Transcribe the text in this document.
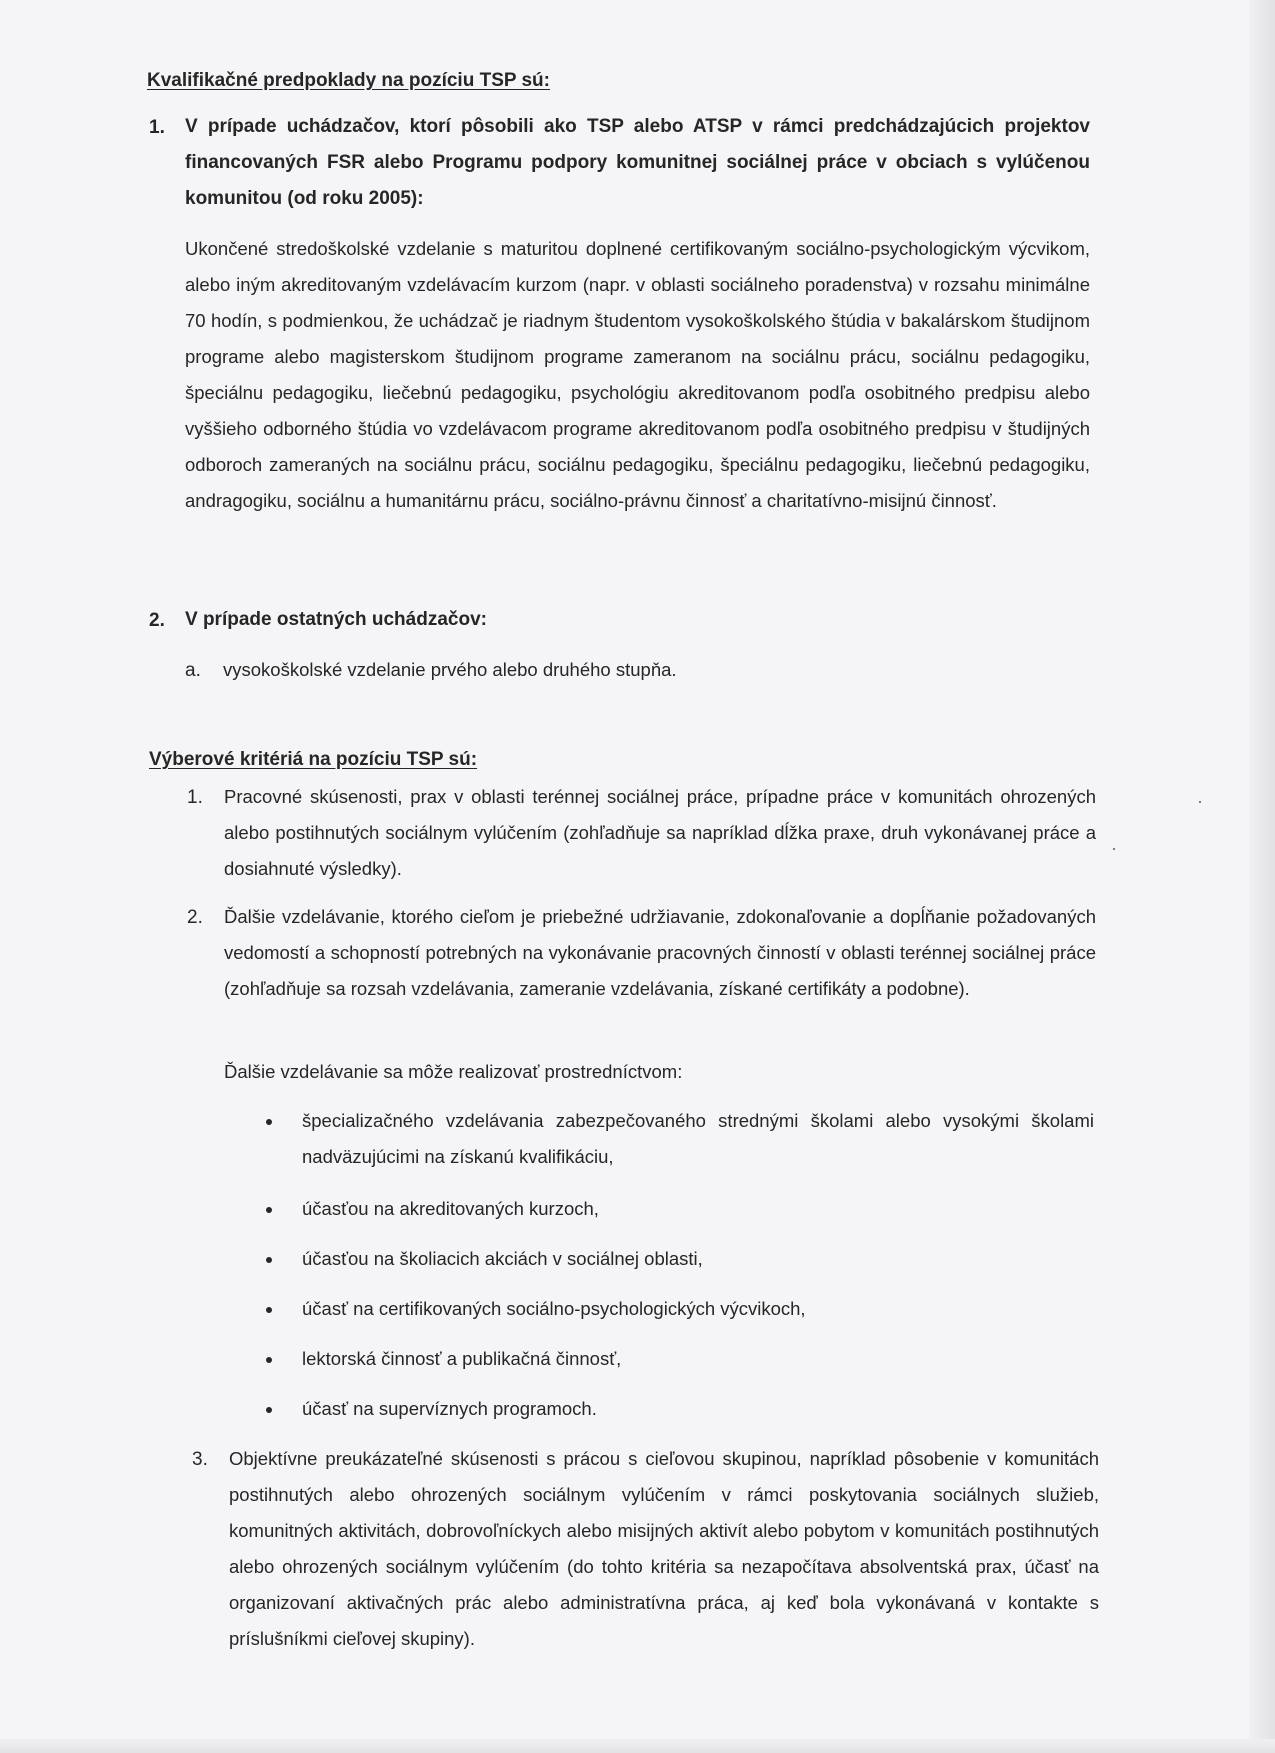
Kvalifikačné predpoklady na pozíciu TSP sú:
1. V prípade uchádzačov, ktorí pôsobili ako TSP alebo ATSP v rámci predchádzajúcich projektov financovaných FSR alebo Programu podpory komunitnej sociálnej práce v obciach s vylúčenou komunitou (od roku 2005):
Ukončené stredoškolské vzdelanie s maturitou doplnené certifikovaným sociálno-psychologickým výcvikom, alebo iným akreditovaným vzdelávacím kurzom (napr. v oblasti sociálneho poradenstva) v rozsahu minimálne 70 hodín, s podmienkou, že uchádzač je riadnym študentom vysokoškolského štúdia v bakalárskom študijnom programe alebo magisterskom študijnom programe zameranom na sociálnu prácu, sociálnu pedagogiku, špeciálnu pedagogiku, liečebnú pedagogiku, psychológiu akreditovanom podľa osobitného predpisu alebo vyššieho odborného štúdia vo vzdelávacom programe akreditovanom podľa osobitného predpisu v študijných odboroch zameraných na sociálnu prácu, sociálnu pedagogiku, špeciálnu pedagogiku, liečebnú pedagogiku, andragogiku, sociálnu a humanitárnu prácu, sociálno-právnu činnosť a charitatívno-misijnú činnosť.
2. V prípade ostatných uchádzačov:
a. vysokoškolské vzdelanie prvého alebo druhého stupňa.
Výberové kritériá na pozíciu TSP sú:
1. Pracovné skúsenosti, prax v oblasti terénnej sociálnej práce, prípadne práce v komunitách ohrozených alebo postihnutých sociálnym vylúčením (zohľadňuje sa napríklad dĺžka praxe, druh vykonávanej práce a dosiahnuté výsledky).
2. Ďalšie vzdelávanie, ktorého cieľom je priebežné udržiavanie, zdokonaľovanie a dopĺňanie požadovaných vedomostí a schopností potrebných na vykonávanie pracovných činností v oblasti terénnej sociálnej práce (zohľadňuje sa rozsah vzdelávania, zameranie vzdelávania, získané certifikáty a podobne).
Ďalšie vzdelávanie sa môže realizovať prostredníctvom:
špecializačného vzdelávania zabezpečovaného strednými školami alebo vysokými školami nadväzujúcimi na získanú kvalifikáciu,
účasťou na akreditovaných kurzoch,
účasťou na školiacich akciách v sociálnej oblasti,
účasť na certifikovaných sociálno-psychologických výcvikoch,
lektorská činnosť a publikačná činnosť,
účasť na supervíznych programoch.
3. Objektívne preukázateľné skúsenosti s prácou s cieľovou skupinou, napríklad pôsobenie v komunitách postihnutých alebo ohrozených sociálnym vylúčením v rámci poskytovania sociálnych služieb, komunitných aktivitách, dobrovoľníckych alebo misijných aktivít alebo pobytom v komunitách postihnutých alebo ohrozených sociálnym vylúčením (do tohto kritéria sa nezapočítava absolventská prax, účasť na organizovaní aktivačných prác alebo administratívna práca, aj keď bola vykonávaná v kontakte s príslušníkmi cieľovej skupiny).
